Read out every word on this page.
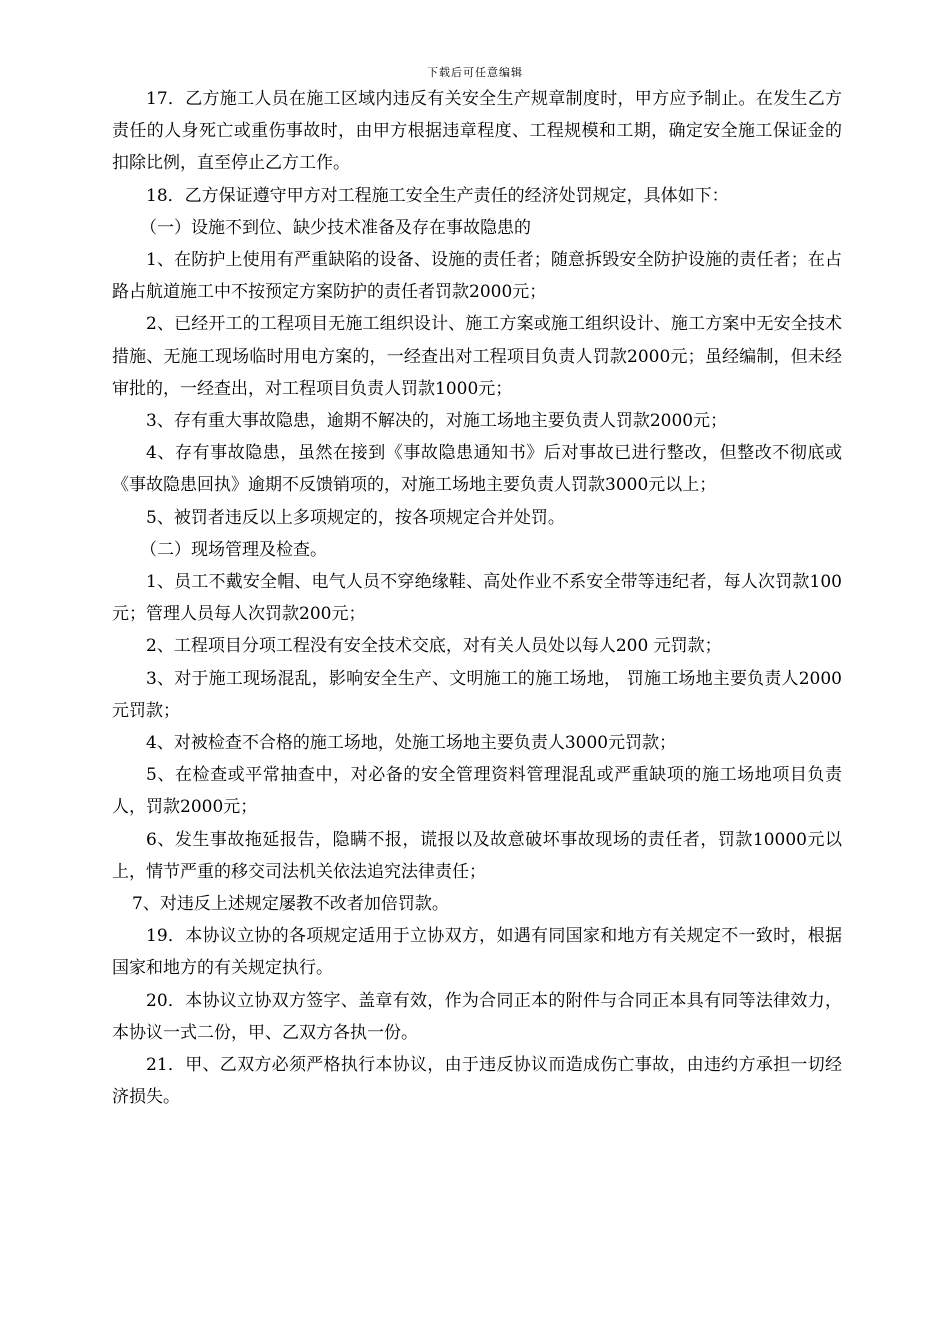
下载后可任意编辑

17．乙方施工人员在施工区域内违反有关安全生产规章制度时，甲方应予制止。在发生乙方责任的人身死亡或重伤事故时，由甲方根据违章程度、工程规模和工期，确定安全施工保证金的扣除比例，直至停止乙方工作。

18．乙方保证遵守甲方对工程施工安全生产责任的经济处罚规定，具体如下：

（一）设施不到位、缺少技术准备及存在事故隐患的

1、在防护上使用有严重缺陷的设备、设施的责任者；随意拆毁安全防护设施的责任者；在占路占航道施工中不按预定方案防护的责任者罚款2000元；

2、已经开工的工程项目无施工组织设计、施工方案或施工组织设计、施工方案中无安全技术措施、无施工现场临时用电方案的，一经查出对工程项目负责人罚款2000元；虽经编制，但未经审批的，一经查出，对工程项目负责人罚款1000元；

3、存有重大事故隐患，逾期不解决的，对施工场地主要负责人罚款2000元；

4、存有事故隐患，虽然在接到《事故隐患通知书》后对事故已进行整改，但整改不彻底或《事故隐患回执》逾期不反馈销项的，对施工场地主要负责人罚款3000元以上；

5、被罚者违反以上多项规定的，按各项规定合并处罚。

（二）现场管理及检查。

1、员工不戴安全帽、电气人员不穿绝缘鞋、高处作业不系安全带等违纪者，每人次罚款100元；管理人员每人次罚款200元；

2、工程项目分项工程没有安全技术交底，对有关人员处以每人200 元罚款；

3、对于施工现场混乱，影响安全生产、文明施工的施工场地， 罚施工场地主要负责人2000元罚款；

4、对被检查不合格的施工场地，处施工场地主要负责人3000元罚款；

5、在检查或平常抽查中，对必备的安全管理资料管理混乱或严重缺项的施工场地项目负责人，罚款2000元；

6、发生事故拖延报告，隐瞒不报，谎报以及故意破坏事故现场的责任者，罚款10000元以上，情节严重的移交司法机关依法追究法律责任；

7、对违反上述规定屡教不改者加倍罚款。

19．本协议立协的各项规定适用于立协双方，如遇有同国家和地方有关规定不一致时，根据国家和地方的有关规定执行。

20．本协议立协双方签字、盖章有效，作为合同正本的附件与合同正本具有同等法律效力，本协议一式二份，甲、乙双方各执一份。

21．甲、乙双方必须严格执行本协议，由于违反协议而造成伤亡事故，由违约方承担一切经济损失。
